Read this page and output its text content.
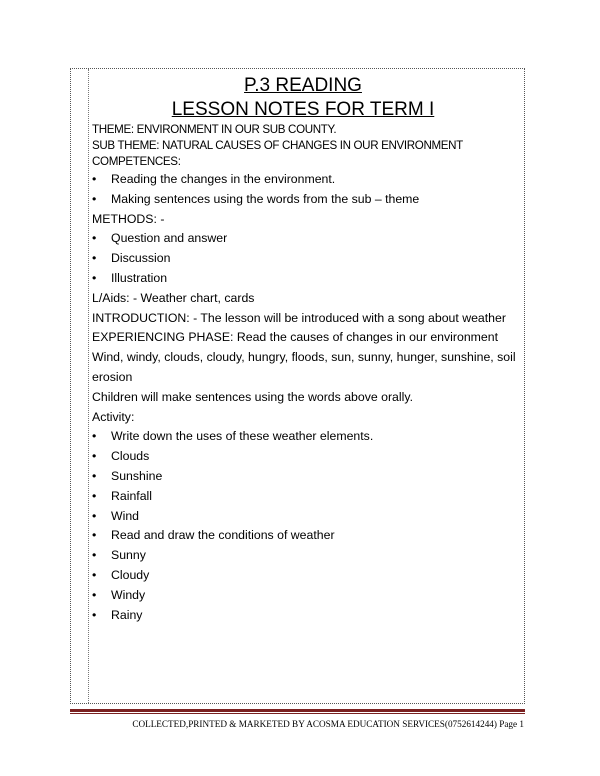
P.3 READING
LESSON NOTES FOR TERM I
THEME: ENVIRONMENT IN OUR SUB COUNTY.
SUB THEME: NATURAL CAUSES OF CHANGES IN OUR ENVIRONMENT
COMPETENCES:
• Reading the changes in the environment.
• Making sentences using the words from the sub – theme
METHODS: -
• Question and answer
• Discussion
• Illustration
L/Aids: - Weather chart, cards
INTRODUCTION: - The lesson will be introduced with a song about weather
EXPERIENCING PHASE: Read the causes of changes in our environment
Wind, windy, clouds, cloudy, hungry, floods, sun, sunny, hunger, sunshine, soil erosion
Children will make sentences using the words above orally.
Activity:
• Write down the uses of these weather elements.
• Clouds
• Sunshine
• Rainfall
• Wind
• Read and draw the conditions of weather
• Sunny
• Cloudy
• Windy
• Rainy
COLLECTED,PRINTED & MARKETED BY ACOSMA EDUCATION SERVICES(0752614244) Page 1
